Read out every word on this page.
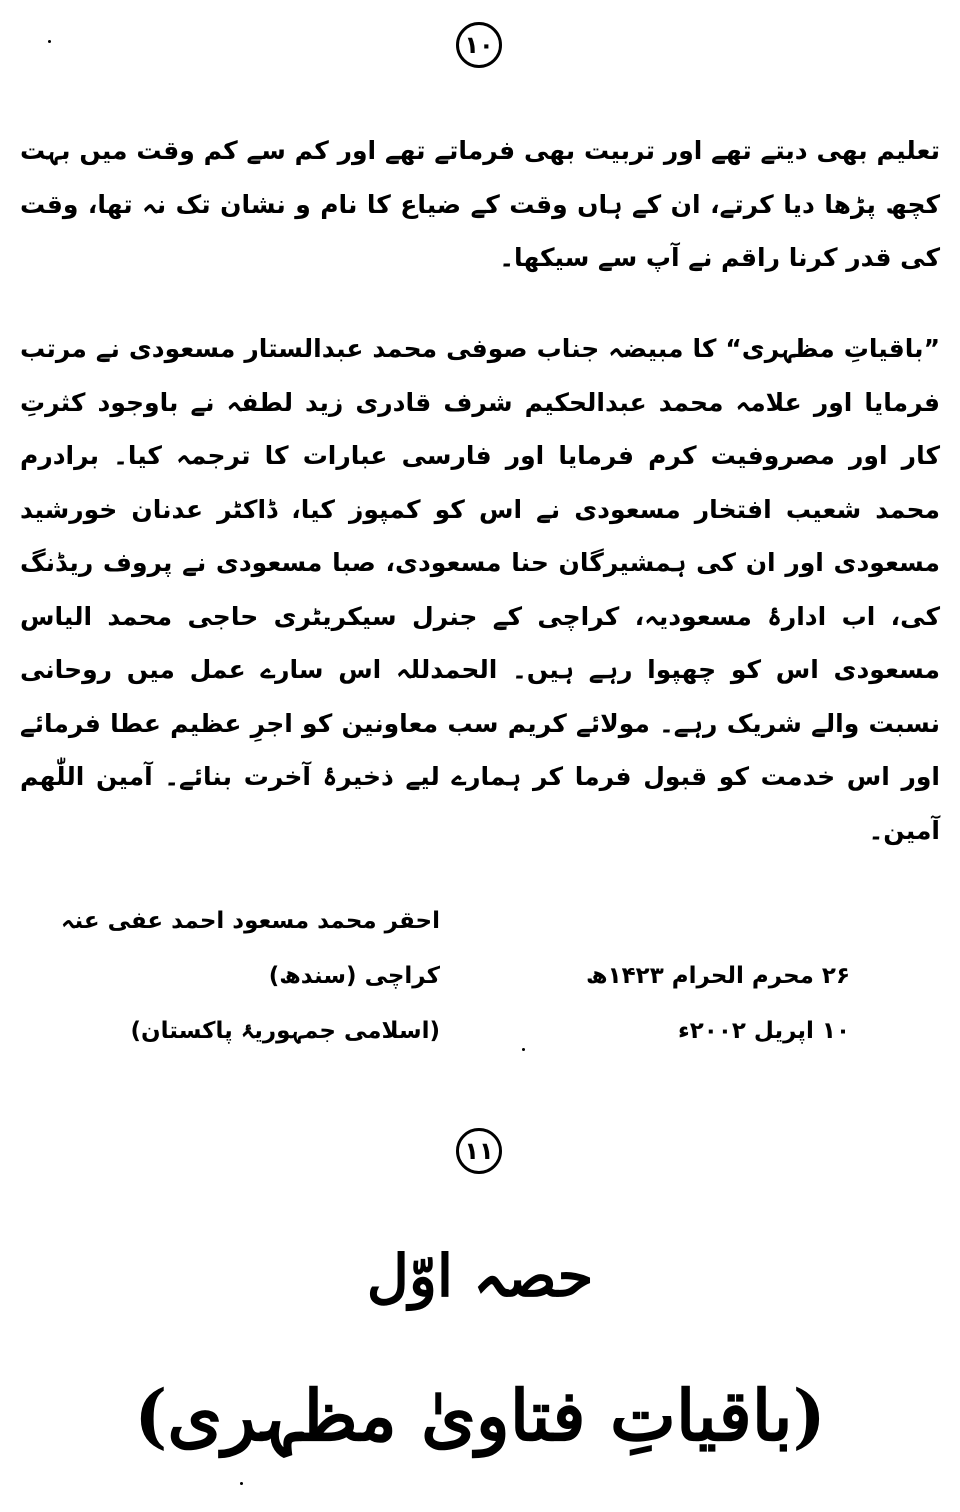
١٠
تعلیم بھی دیتے تھے اور تربیت بھی فرماتے تھے اور کم سے کم وقت میں بہت کچھ پڑھا دیا کرتے، ان کے ہاں وقت کے ضیاع کا نام و نشان تک نہ تھا، وقت کی قدر کرنا راقم نے آپ سے سیکھا۔
”باقیاتِ مظہری“ کا مبیضہ جناب صوفی محمد عبدالستار مسعودی نے مرتب فرمایا اور علامہ محمد عبدالحکیم شرف قادری زید لطفہ نے باوجود کثرتِ کار اور مصروفیت کرم فرمایا اور فارسی عبارات کا ترجمہ کیا۔ برادرم محمد شعیب افتخار مسعودی نے اس کو کمپوز کیا، ڈاکٹر عدنان خورشید مسعودی اور ان کی ہمشیرگان حنا مسعودی، صبا مسعودی نے پروف ریڈنگ کی، اب ادارۂ مسعودیہ، کراچی کے جنرل سیکریٹری حاجی محمد الیاس مسعودی اس کو چھپوا رہے ہیں۔ الحمدللہ اس سارے عمل میں روحانی نسبت والے شریک رہے۔ مولائے کریم سب معاونین کو اجرِ عظیم عطا فرمائے اور اس خدمت کو قبول فرما کر ہمارے لیے ذخیرۂ آخرت بنائے۔ آمین اللّٰھم آمین۔
احقر محمد مسعود احمد عفی عنہ
کراچی (سندھ)
(اسلامی جمہوریۂ پاکستان)
۲۶ محرم الحرام ۱۴۲۳ھ
۱۰ اپریل ۲۰۰۲ء
١١
حصہ اوّل
(باقیاتِ فتاویٰ مظہری)
